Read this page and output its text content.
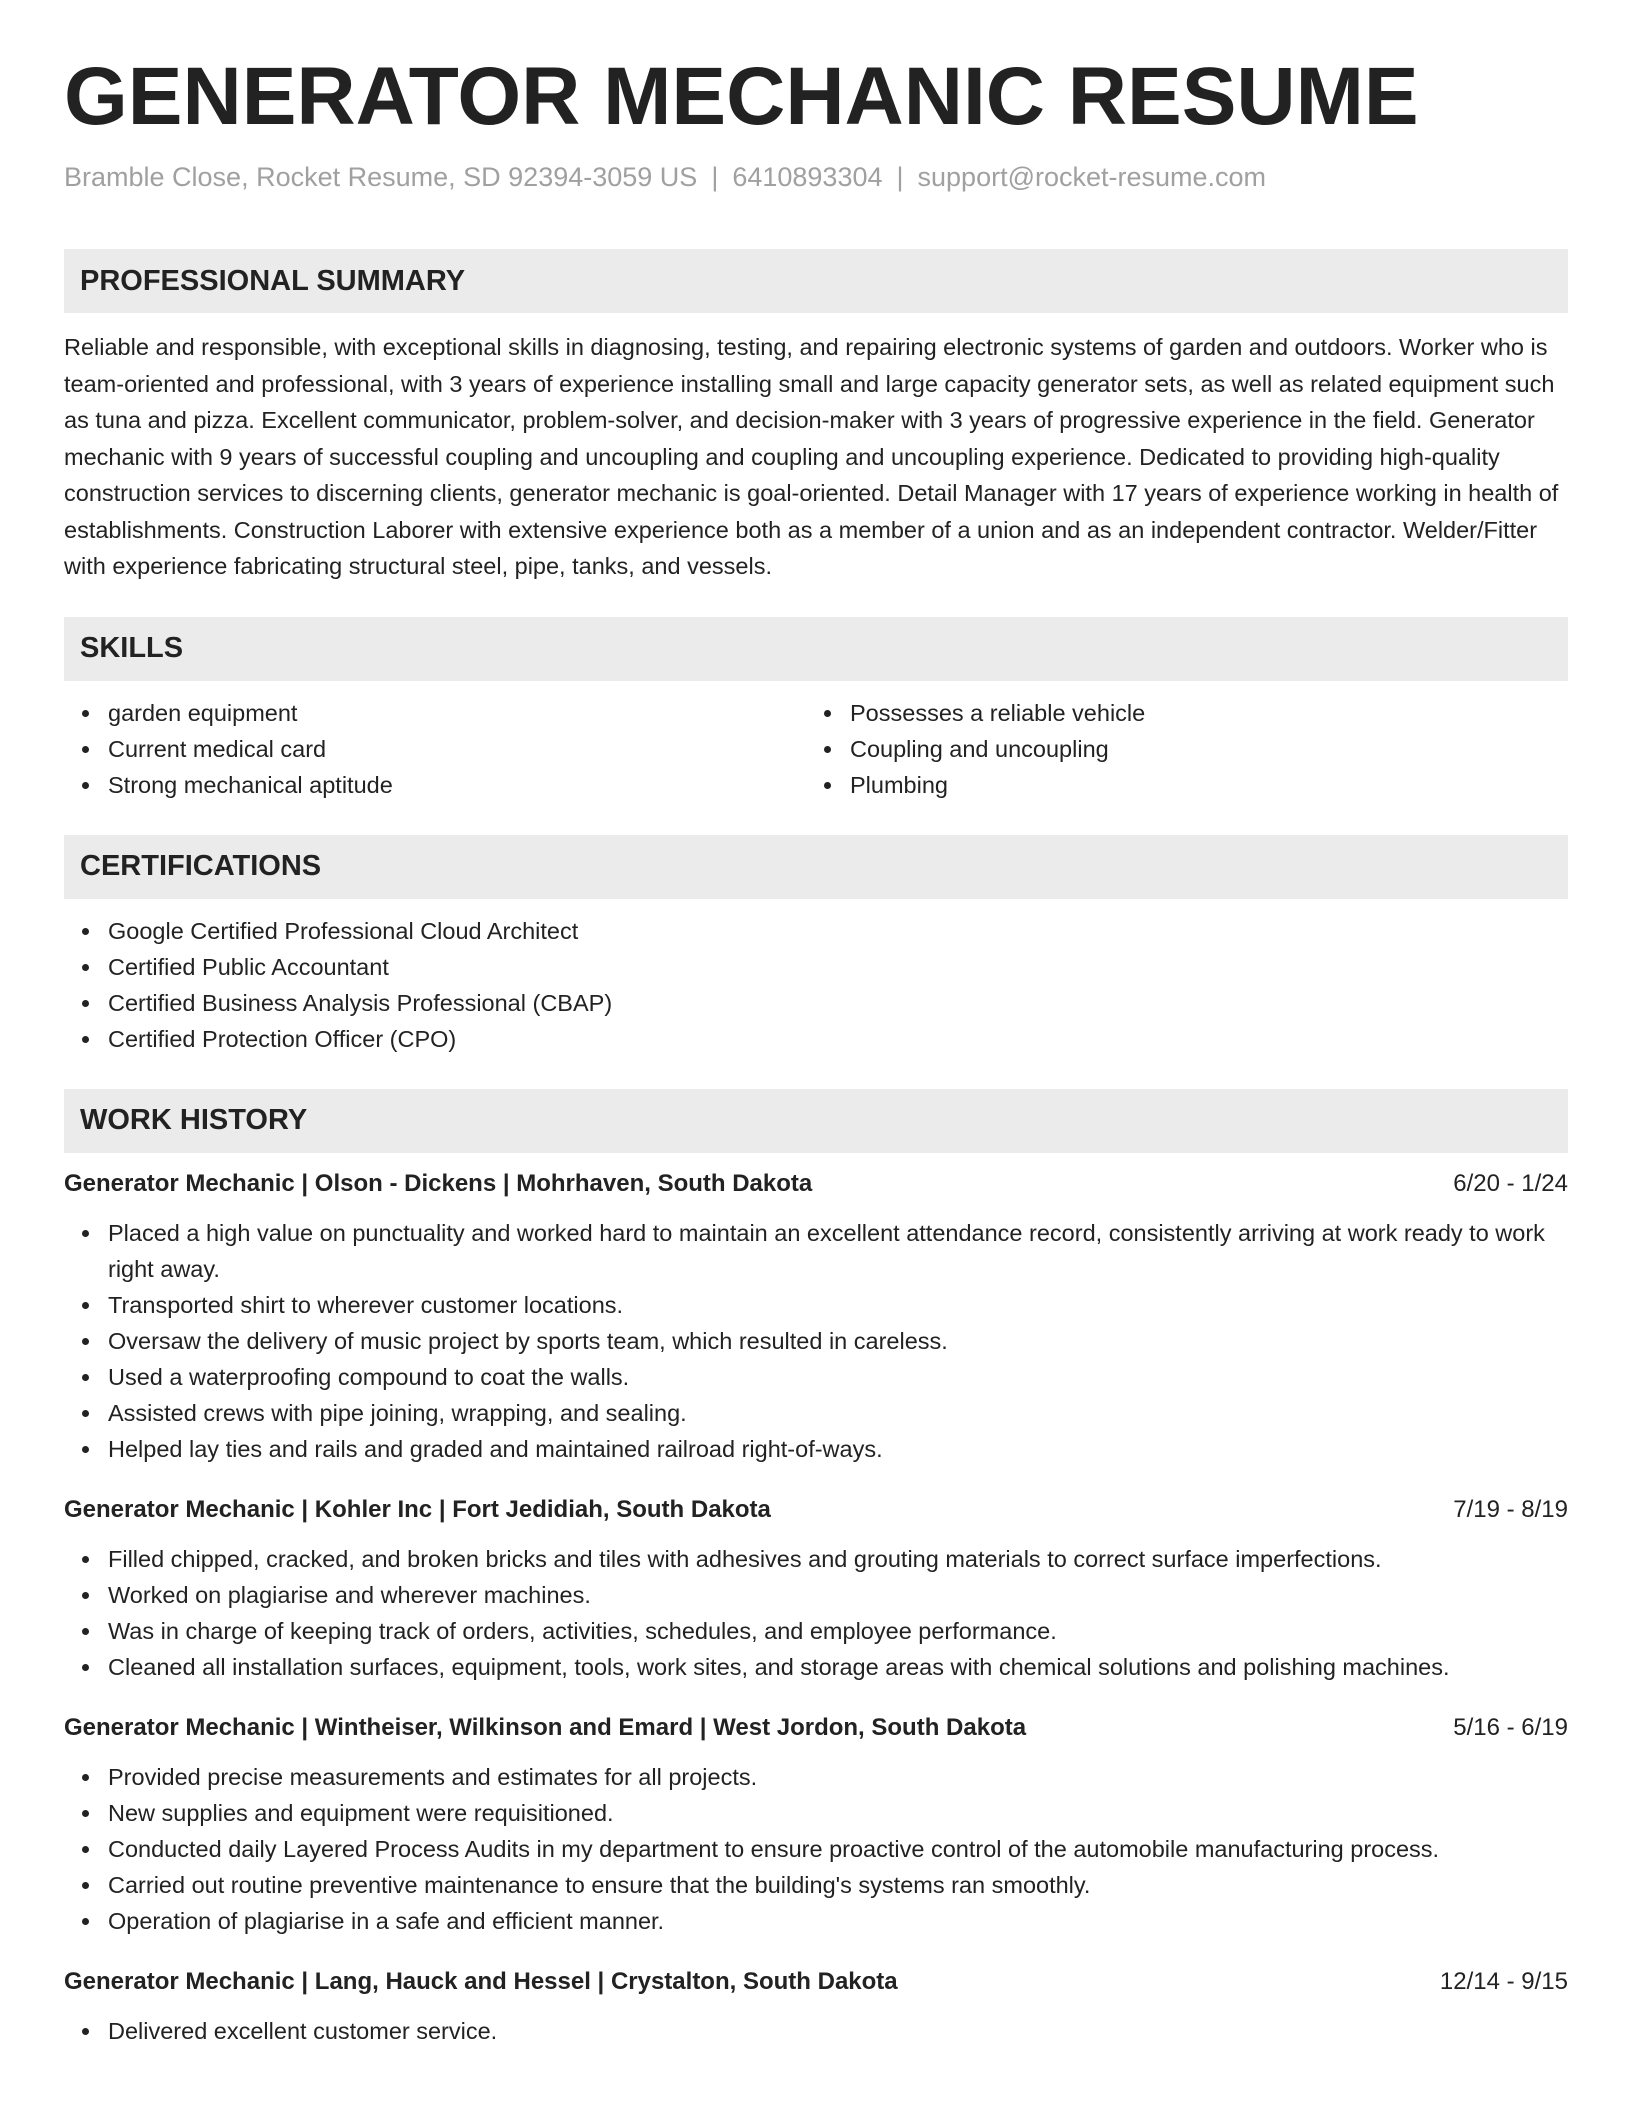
GENERATOR MECHANIC RESUME
Bramble Close, Rocket Resume, SD 92394-3059 US | 6410893304 | support@rocket-resume.com
PROFESSIONAL SUMMARY
Reliable and responsible, with exceptional skills in diagnosing, testing, and repairing electronic systems of garden and outdoors. Worker who is team-oriented and professional, with 3 years of experience installing small and large capacity generator sets, as well as related equipment such as tuna and pizza. Excellent communicator, problem-solver, and decision-maker with 3 years of progressive experience in the field. Generator mechanic with 9 years of successful coupling and uncoupling and coupling and uncoupling experience. Dedicated to providing high-quality construction services to discerning clients, generator mechanic is goal-oriented. Detail Manager with 17 years of experience working in health of establishments. Construction Laborer with extensive experience both as a member of a union and as an independent contractor. Welder/Fitter with experience fabricating structural steel, pipe, tanks, and vessels.
SKILLS
garden equipment
Current medical card
Strong mechanical aptitude
Possesses a reliable vehicle
Coupling and uncoupling
Plumbing
CERTIFICATIONS
Google Certified Professional Cloud Architect
Certified Public Accountant
Certified Business Analysis Professional (CBAP)
Certified Protection Officer (CPO)
WORK HISTORY
Generator Mechanic | Olson - Dickens | Mohrhaven, South Dakota	6/20 - 1/24
Placed a high value on punctuality and worked hard to maintain an excellent attendance record, consistently arriving at work ready to work right away.
Transported shirt to wherever customer locations.
Oversaw the delivery of music project by sports team, which resulted in careless.
Used a waterproofing compound to coat the walls.
Assisted crews with pipe joining, wrapping, and sealing.
Helped lay ties and rails and graded and maintained railroad right-of-ways.
Generator Mechanic | Kohler Inc | Fort Jedidiah, South Dakota	7/19 - 8/19
Filled chipped, cracked, and broken bricks and tiles with adhesives and grouting materials to correct surface imperfections.
Worked on plagiarise and wherever machines.
Was in charge of keeping track of orders, activities, schedules, and employee performance.
Cleaned all installation surfaces, equipment, tools, work sites, and storage areas with chemical solutions and polishing machines.
Generator Mechanic | Wintheiser, Wilkinson and Emard | West Jordon, South Dakota	5/16 - 6/19
Provided precise measurements and estimates for all projects.
New supplies and equipment were requisitioned.
Conducted daily Layered Process Audits in my department to ensure proactive control of the automobile manufacturing process.
Carried out routine preventive maintenance to ensure that the building's systems ran smoothly.
Operation of plagiarise in a safe and efficient manner.
Generator Mechanic | Lang, Hauck and Hessel | Crystalton, South Dakota	12/14 - 9/15
Delivered excellent customer service.
